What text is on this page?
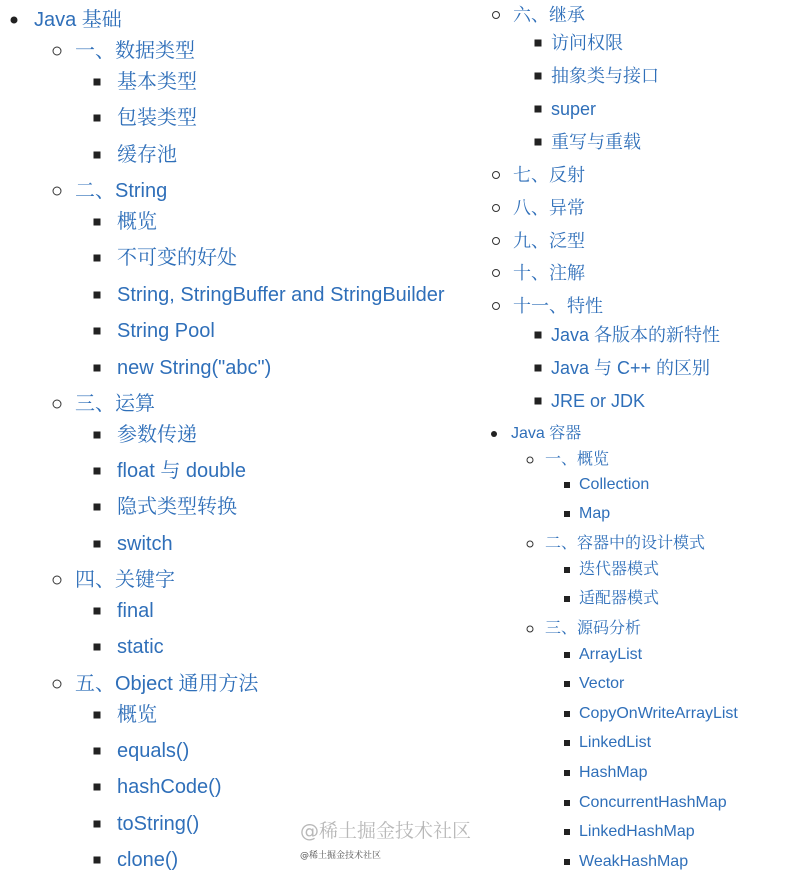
Java 基础
一、数据类型
基本类型
包装类型
缓存池
二、String
概览
不可变的好处
String, StringBuffer and StringBuilder
String Pool
new String("abc")
三、运算
参数传递
float 与 double
隐式类型转换
switch
四、关键字
final
static
五、Object 通用方法
概览
equals()
hashCode()
toString()
clone()
六、继承
访问权限
抽象类与接口
super
重写与重载
七、反射
八、异常
九、泛型
十、注解
十一、特性
Java 各版本的新特性
Java 与 C++ 的区别
JRE or JDK
Java 容器
一、概览
Collection
Map
二、容器中的设计模式
迭代器模式
适配器模式
三、源码分析
ArrayList
Vector
CopyOnWriteArrayList
LinkedList
HashMap
ConcurrentHashMap
LinkedHashMap
WeakHashMap
@稀土掘金技术社区
@稀土掘金技术社区
